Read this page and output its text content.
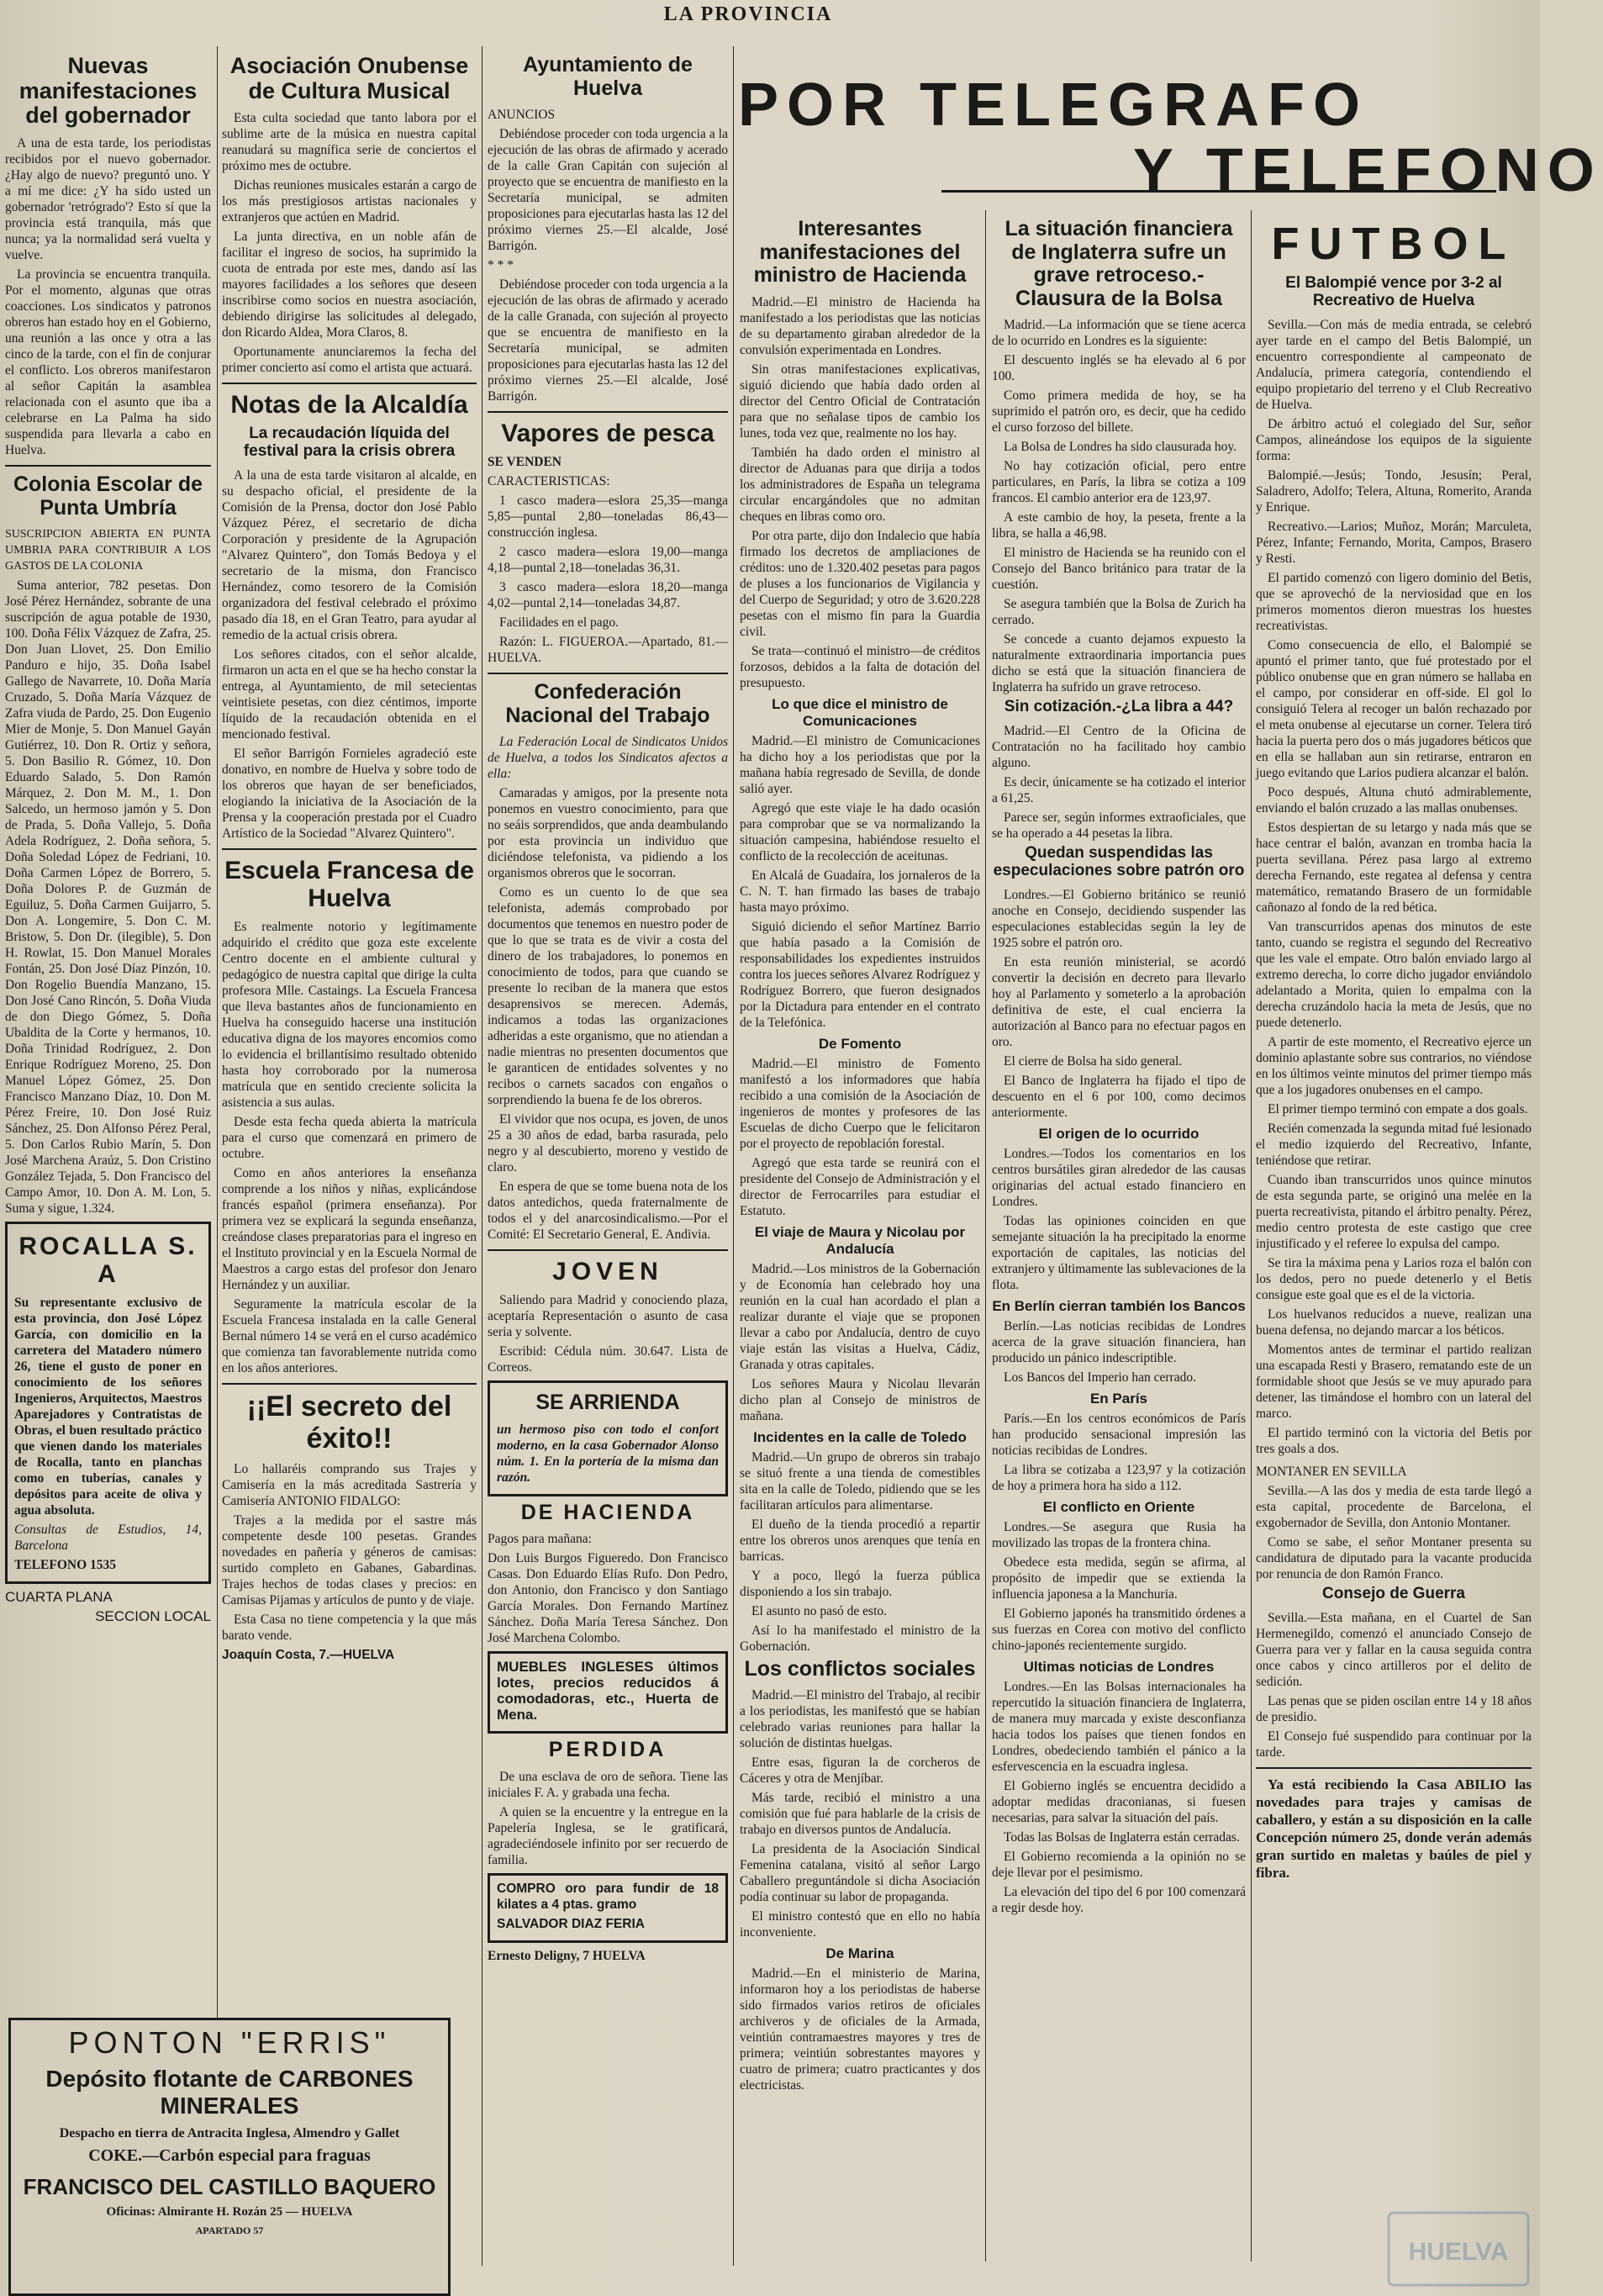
LA PROVINCIA
Nuevas manifestaciones del gobernador

A una de esta tarde, los periodistas recibidos por el nuevo gobernador. ¿Hay algo de nuevo? preguntó uno. Y a mí me dice: ¿Y ha sido usted un gobernador 'retrógrado'? Esto sí que la provincia está tranquila, más que nunca; ya la normalidad será vuelta y vuelve.

La provincia se encuentra tranquila. Por el momento, algunas que otras coacciones. Los sindicatos y patronos obreros han estado hoy en el Gobierno, una reunión a las once y otra a las cinco de la tarde, con el fin de conjurar el conflicto. Los obreros manifestaron al señor Capitán la asamblea relacionada con el asunto que iba a celebrarse en La Palma ha sido suspendida para llevarla a cabo en Huelva.

Colonia Escolar de Punta Umbría

SUSCRIPCION ABIERTA EN PUNTA UMBRIA PARA CONTRIBUIR A LOS GASTOS DE LA COLONIA

Suma anterior, 782 pesetas. Don José Pérez Hernández, sobrante de una suscripción de agua potable de 1930, 100. Doña Félix Vázquez de Zafra, 25. Don Juan Llovet, 25. Don Emilio Pandurо e hijo, 35. Doña Isabel Gallego de Navarrete, 10. Doña María Cruzado, 5. Doña María Vázquez de Zafra viuda de Pardo, 25. Don Eugenio Mier de Monje, 5. Don Manuel Gayán Gutiérrez, 10. Don R. Ortiz y señora, 5. Don Basilio R. Gómez, 10. Don Eduardo Salado, 5. Don Ramón Márquez, 2. Don M. M., 1. Don Salcedo, un hermoso jamón y 5. Don de Prada, 5. Doña Vallejo, 5. Doña Adela Rodríguez, 2. Doña señora, 5. Doña Soledad López de Fedriani, 10. Doña Carmen López de Borrero, 5. Doña Dolores P. de Guzmán de Eguiluz, 5. Doña Carmen Guijarro, 5. Don A. Longemire, 5. Don C. M. Bristow, 5. Don Dr. (ilegible), 5. Don H. Rowlat, 15. Don Manuel Morales Fontán, 25. Don José Díaz Pinzón, 10. Don Rogelio Buendía Manzano, 15. Don José Cano Rincón, 5. Doña Viuda de don Diego Gómez, 5. Doña Ubaldita de la Corte y hermanos, 10. Doña Trinidad Rodríguez, 2. Don Enrique Rodríguez Moreno, 25. Don Manuel López Gómez, 25. Don Francisco Manzano Díaz, 10. Don M. Pérez Freire, 10. Don José Ruiz Sánchez, 25. Don Alfonso Pérez Peral, 5. Don Carlos Rubio Marín, 5. Don José Marchena Araúz, 5. Don Cristino González Tejada, 5. Don Francisco del Campo Amor, 10. Don A. M. Lon, 5. Suma y sigue, 1.324.

ROCALLA S. A

Su representante exclusivo de esta provincia, don José López García, con domicilio en la carretera del Matadero número 26, tiene el gusto de poner en conocimiento de los señores Ingenieros, Arquitectos, Maestros Aparejadores y Contratistas de Obras, el buen resultado práctico que vienen dando los materiales de Rocalla, tanto en planchas como en tuberías, canales y depósitos para aceite de oliva y agua absoluta.

Consultas de Estudios, 14, Barcelona

TELEFONO 1535

CUARTA PLANA

SECCION LOCAL

Asociación Onubense de Cultura Musical

Esta culta sociedad que tanto labora por el sublime arte de la música en nuestra capital reanudará su magnífica serie de conciertos el próximo mes de octubre.

Dichas reuniones musicales estarán a cargo de los más prestigiosos artistas nacionales y extranjeros que actúen en Madrid.

La junta directiva, en un noble afán de facilitar el ingreso de socios, ha suprimido la cuota de entrada por este mes, dando así las mayores facilidades a los señores que deseen inscribirse como socios en nuestra asociación, debiendo dirigirse las solicitudes al delegado, don Ricardo Aldea, Mora Claros, 8.

Oportunamente anunciaremos la fecha del primer concierto así como el artista que actuará.

Notas de la Alcaldía
La recaudación líquida del festival para la crisis obrera

A la una de esta tarde visitaron al alcalde, en su despacho oficial, el presidente de la Comisión de la Prensa, doctor don José Pablo Vázquez Pérez, el secretario de dicha Corporación y presidente de la Agrupación "Alvarez Quintero", don Tomás Bedoya y el secretario de la misma, don Francisco Hernández, como tesorero de la Comisión organizadora del festival celebrado el próximo pasado día 18, en el Gran Teatro, para ayudar al remedio de la actual crisis obrera.

Los señores citados, con el señor alcalde, firmaron un acta en el que se ha hecho constar la entrega, al Ayuntamiento, de mil setecientas veintisiete pesetas, con diez céntimos, importe líquido de la recaudación obtenida en el mencionado festival.

El señor Barrigón Fornieles agradeció este donativo, en nombre de Huelva y sobre todo de los obreros que hayan de ser beneficiados, elogiando la iniciativa de la Asociación de la Prensa y la cooperación prestada por el Cuadro Artístico de la Sociedad "Alvarez Quintero".

Escuela Francesa de Huelva

Es realmente notorio y legítimamente adquirido el crédito que goza este excelente Centro docente en el ambiente cultural y pedagógico de nuestra capital que dirige la culta profesora Mlle. Castaings. La Escuela Francesa que lleva bastantes años de funcionamiento en Huelva ha conseguido hacerse una institución educativa digna de los mayores encomios como lo evidencia el brillantísimo resultado obtenido hasta hoy corroborado por la numerosa matrícula que en sentido creciente solicita la asistencia a sus aulas.

Desde esta fecha queda abierta la matrícula para el curso que comenzará en primero de octubre.

Como en años anteriores la enseñanza comprende a los niños y niñas, explicándose francés español (primera enseñanza). Por primera vez se explicará la segunda enseñanza, creándose clases preparatorias para el ingreso en el Instituto provincial y en la Escuela Normal de Maestros a cargo estas del profesor don Jenaro Hernández y un auxiliar.

Seguramente la matrícula escolar de la Escuela Francesa instalada en la calle General Bernal número 14 se verá en el curso académico que comienza tan favorablemente nutrida como en los años anteriores.

¡¡El secreto del éxito!!

Lo hallaréis comprando sus Trajes y Camisería en la más acreditada Sastrería y Camisería ANTONIO FIDALGO:

Trajes a la medida por el sastre más competente desde 100 pesetas. Grandes novedades en pañería y géneros de camisas: surtido completo en Gabanes, Gabardinas. Trajes hechos de todas clases y precios: en Camisas Pijamas y artículos de punto y de viaje.

Esta Casa no tiene competencia y la que más barato vende.

Joaquín Costa, 7.—HUELVA

PONTON "ERRIS"
Depósito flotante de CARBONES MINERALES
Despacho en tierra de Antracita Inglesa, Almendro y Gallet
COKE.—Carbón especial para fraguas
FRANCISCO DEL CASTILLO BAQUERO
Oficinas: Almirante H. Rozán 25 — HUELVA
APARTADO 57
Ayuntamiento de Huelva

ANUNCIOS

Debiéndose proceder con toda urgencia a la ejecución de las obras de afirmado y acerado de la calle Gran Capitán con sujeción al proyecto que se encuentra de manifiesto en la Secretaría municipal, se admiten proposiciones para ejecutarlas hasta las 12 del próximo viernes 25.—El alcalde, José Barrigón.

* * *

Debiéndose proceder con toda urgencia a la ejecución de las obras de afirmado y acerado de la calle Granada, con sujeción al proyecto que se encuentra de manifiesto en la Secretaría municipal, se admiten proposiciones para ejecutarlas hasta las 12 del próximo viernes 25.—El alcalde, José Barrigón.

Vapores de pesca

SE VENDEN

CARACTERISTICAS:

1 casco madera—eslora 25,35—manga 5,85—puntal 2,80—toneladas 86,43—construcción inglesa.

2 casco madera—eslora 19,00—manga 4,18—puntal 2,18—toneladas 36,31.

3 casco madera—eslora 18,20—manga 4,02—puntal 2,14—toneladas 34,87.

Facilidades en el pago.

Razón: L. FIGUEROA.—Apartado, 81.—HUELVA.

Confederación Nacional del Trabajo

La Federación Local de Sindicatos Unidos de Huelva, a todos los Sindicatos afectos a ella:

Camaradas y amigos, por la presente nota ponemos en vuestro conocimiento, para que no seáis sorprendidos, que anda deambulando por esta provincia un individuo que diciéndose telefonista, va pidiendo a los organismos obreros que le socorran.

Como es un cuento lo de que sea telefonista, además comprobado por documentos que tenemos en nuestro poder de que lo que se trata es de vivir a costa del dinero de los trabajadores, lo ponemos en conocimiento de todos, para que cuando se presente lo reciban de la manera que estos desaprensivos se merecen. Además, indicamos a todas las organizaciones adheridas a este organismo, que no atiendan a nadie mientras no presenten documentos que le garanticen de entidades solventes y no recibos o carnets sacados con engaños o sorprendiendo la buena fe de los obreros.

El vividor que nos ocupa, es joven, de unos 25 a 30 años de edad, barba rasurada, pelo negro y al descubierto, moreno y vestido de claro.

En espera de que se tome buena nota de los datos antedichos, queda fraternalmente de todos el y del anarcosindicalismo.—Por el Comité: El Secretario General, E. Andivia.

JOVEN

Saliendo para Madrid y conociendo plaza, aceptaría Representación o asunto de casa seria y solvente.

Escribid: Cédula núm. 30.647. Lista de Correos.

SE ARRIENDA

un hermoso piso con todo el confort moderno, en la casa Gobernador Alonso núm. 1. En la portería de la misma dan razón.

DE HACIENDA

Pagos para mañana:

Don Luis Burgos Figueredo. Don Francisco Casas. Don Eduardo Elías Rufo. Don Pedro, don Antonio, don Francisco y don Santiago García Morales. Don Fernando Martínez Sánchez. Doña María Teresa Sánchez. Don José Marchena Colombo.

MUEBLES INGLESES últimos lotes, precios reducidos á comodadoras, etc., Huerta de Mena.

PERDIDA

De una esclava de oro de señora. Tiene las iniciales F. A. y grabada una fecha.

A quien se la encuentre y la entregue en la Papelería Inglesa, se le gratificará, agradeciéndosele infinito por ser recuerdo de familia.

COMPRO oro para fundir de 18 kilates a 4 ptas. gramo

SALVADOR DIAZ FERIA

Ernesto Deligny, 7 HUELVA

POR TELEGRAFO
Y TELEFONO
Interesantes manifestaciones del ministro de Hacienda

Madrid.—El ministro de Hacienda ha manifestado a los periodistas que las noticias de su departamento giraban alrededor de la convulsión experimentada en Londres.

Sin otras manifestaciones explicativas, siguió diciendo que había dado orden al director del Centro Oficial de Contratación para que no señalase tipos de cambio los lunes, toda vez que, realmente no los hay.

También ha dado orden el ministro al director de Aduanas para que dirija a todos los administradores de España un telegrama circular encargándoles que no admitan cheques en libras como oro.

Por otra parte, dijo don Indalecio que había firmado los decretos de ampliaciones de créditos: uno de 1.320.402 pesetas para pagos de pluses a los funcionarios de Vigilancia y del Cuerpo de Seguridad; y otro de 3.620.228 pesetas con el mismo fin para la Guardia civil.

Se trata—continuó el ministro—de créditos forzosos, debidos a la falta de dotación del presupuesto.

Lo que dice el ministro de Comunicaciones

Madrid.—El ministro de Comunicaciones ha dicho hoy a los periodistas que por la mañana había regresado de Sevilla, de donde salió ayer.

Agregó que este viaje le ha dado ocasión para comprobar que se va normalizando la situación campesina, habiéndose resuelto el conflicto de la recolección de aceitunas.

En Alcalá de Guadaíra, los jornaleros de la C. N. T. han firmado las bases de trabajo hasta mayo próximo.

Siguió diciendo el señor Martínez Barrio que había pasado a la Comisión de responsabilidades los expedientes instruidos contra los jueces señores Alvarez Rodríguez y Rodríguez Borrero, que fueron designados por la Dictadura para entender en el contrato de la Telefónica.

De Fomento

Madrid.—El ministro de Fomento manifestó a los informadores que había recibido a una comisión de la Asociación de ingenieros de montes y profesores de las Escuelas de dicho Cuerpo que le felicitaron por el proyecto de repoblación forestal.

Agregó que esta tarde se reunirá con el presidente del Consejo de Administración y el director de Ferrocarriles para estudiar el Estatuto.

El viaje de Maura y Nicolau por Andalucía

Madrid.—Los ministros de la Gobernación y de Economía han celebrado hoy una reunión en la cual han acordado el plan a realizar durante el viaje que se proponen llevar a cabo por Andalucía, dentro de cuyo viaje están las visitas a Huelva, Cádiz, Granada y otras capitales.

Los señores Maura y Nicolau llevarán dicho plan al Consejo de ministros de mañana.

Incidentes en la calle de Toledo

Madrid.—Un grupo de obreros sin trabajo se situó frente a una tienda de comestibles sita en la calle de Toledo, pidiendo que se les facilitaran artículos para alimentarse.

El dueño de la tienda procedió a repartir entre los obreros unos arenques que tenía en barricas.

Y a poco, llegó la fuerza pública disponiendo a los sin trabajo.

El asunto no pasó de esto.

Así lo ha manifestado el ministro de la Gobernación.

Los conflictos sociales

Madrid.—El ministro del Trabajo, al recibir a los periodistas, les manifestó que se habían celebrado varias reuniones para hallar la solución de distintas huelgas.

Entre esas, figuran la de corcheros de Cáceres y otra de Menjíbar.

Más tarde, recibió el ministro a una comisión que fué para hablarle de la crisis de trabajo en diversos puntos de Andalucía.

La presidenta de la Asociación Sindical Femenina catalana, visitó al señor Largo Caballero preguntándole si dicha Asociación podía continuar su labor de propaganda.

El ministro contestó que en ello no había inconveniente.

De Marina

Madrid.—En el ministerio de Marina, informaron hoy a los periodistas de haberse sido firmados varios retiros de oficiales archiveros y de oficiales de la Armada, veintiún contramaestres mayores y tres de primera; veintiún sobrestantes mayores y cuatro de primera; cuatro practicantes y dos electricistas.

La situación financiera de Inglaterra sufre un grave retroceso.-Clausura de la Bolsa

Madrid.—La información que se tiene acerca de lo ocurrido en Londres es la siguiente:

El descuento inglés se ha elevado al 6 por 100.

Como primera medida de hoy, se ha suprimido el patrón oro, es decir, que ha cedido el curso forzoso del billete.

La Bolsa de Londres ha sido clausurada hoy.

No hay cotización oficial, pero entre particulares, en París, la libra se cotiza a 109 francos. El cambio anterior era de 123,97.

A este cambio de hoy, la peseta, frente a la libra, se halla a 46,98.

El ministro de Hacienda se ha reunido con el Consejo del Banco británico para tratar de la cuestión.

Se asegura también que la Bolsa de Zurich ha cerrado.

Se concede a cuanto dejamos expuesto la naturalmente extraordinaria importancia pues dicho se está que la situación financiera de Inglaterra ha sufrido un grave retroceso.

Sin cotización.-¿La libra a 44?

Madrid.—El Centro de la Oficina de Contratación no ha facilitado hoy cambio alguno.

Es decir, únicamente se ha cotizado el interior a 61,25.

Parece ser, según informes extraoficiales, que se ha operado a 44 pesetas la libra.

Quedan suspendidas las especulaciones sobre patrón oro

Londres.—El Gobierno británico se reunió anoche en Consejo, decidiendo suspender las especulaciones establecidas según la ley de 1925 sobre el patrón oro.

En esta reunión ministerial, se acordó convertir la decisión en decreto para llevarlo hoy al Parlamento y someterlo a la aprobación definitiva de este, el cual encierra la autorización al Banco para no efectuar pagos en oro.

El cierre de Bolsa ha sido general.

El Banco de Inglaterra ha fijado el tipo de descuento en el 6 por 100, como decimos anteriormente.

El origen de lo ocurrido

Londres.—Todos los comentarios en los centros bursátiles giran alrededor de las causas originarias del actual estado financiero en Londres.

Todas las opiniones coinciden en que semejante situación la ha precipitado la enorme exportación de capitales, las noticias del extranjero y últimamente las sublevaciones de la flota.

En Berlín cierran también los Bancos

Berlín.—Las noticias recibidas de Londres acerca de la grave situación financiera, han producido un pánico indescriptible.

Los Bancos del Imperio han cerrado.

En París

París.—En los centros económicos de París han producido sensacional impresión las noticias recibidas de Londres.

La libra se cotizaba a 123,97 y la cotización de hoy a primera hora ha sido a 112.

El conflicto en Oriente

Londres.—Se asegura que Rusia ha movilizado las tropas de la frontera china.

Obedece esta medida, según se afirma, al propósito de impedir que se extienda la influencia japonesa a la Manchuria.

El Gobierno japonés ha transmitido órdenes a sus fuerzas en Corea con motivo del conflicto chino-japonés recientemente surgido.

Ultimas noticias de Londres

Londres.—En las Bolsas internacionales ha repercutido la situación financiera de Inglaterra, de manera muy marcada y existe desconfianza hacia todos los países que tienen fondos en Londres, obedeciendo también el pánico a la esfervescencia en la escuadra inglesa.

El Gobierno inglés se encuentra decidido a adoptar medidas draconianas, si fuesen necesarias, para salvar la situación del país.

Todas las Bolsas de Inglaterra están cerradas.

El Gobierno recomienda a la opinión no se deje llevar por el pesimismo.

La elevación del tipo del 6 por 100 comenzará a regir desde hoy.

FUTBOL
El Balompié vence por 3-2 al Recreativo de Huelva

Sevilla.—Con más de media entrada, se celebró ayer tarde en el campo del Betis Balompié, un encuentro correspondiente al campeonato de Andalucía, primera categoría, contendiendo el equipo propietario del terreno y el Club Recreativo de Huelva.

De árbitro actuó el colegiado del Sur, señor Campos, alineándose los equipos de la siguiente forma:

Balompié.—Jesús; Tondo, Jesusín; Peral, Saladrero, Adolfo; Telera, Altuna, Romerito, Aranda y Enrique.

Recreativo.—Larios; Muñoz, Morán; Marculeta, Pérez, Infante; Fernando, Morita, Campos, Brasero y Resti.

El partido comenzó con ligero dominio del Betis, que se aprovechó de la nerviosidad que en los primeros momentos dieron muestras los huestes recreativistas.

Como consecuencia de ello, el Balompié se apuntó el primer tanto, que fué protestado por el público onubense que en gran número se hallaba en el campo, por considerar en off-side. El gol lo consiguió Telera al recoger un balón rechazado por el meta onubense al ejecutarse un corner. Telera tiró hacia la puerta pero dos o más jugadores béticos que en ella se hallaban aun sin retirarse, entraron en juego evitando que Larios pudiera alcanzar el balón.

Poco después, Altuna chutó admirablemente, enviando el balón cruzado a las mallas onubenses.

Estos despiertan de su letargo y nada más que se hace centrar el balón, avanzan en tromba hacia la puerta sevillana. Pérez pasa largo al extremo derecha Fernando, este regatea al defensa y centra matemático, rematando Brasero de un formidable cañonazo al fondo de la red bética.

Van transcurridos apenas dos minutos de este tanto, cuando se registra el segundo del Recreativo que les vale el empate. Otro balón enviado largo al extremo derecha, lo corre dicho jugador enviándolo adelantado a Morita, quien lo empalma con la derecha cruzándolo hacia la meta de Jesús, que no puede detenerlo.

A partir de este momento, el Recreativo ejerce un dominio aplastante sobre sus contrarios, no viéndose en los últimos veinte minutos del primer tiempo más que a los jugadores onubenses en el campo.

El primer tiempo terminó con empate a dos goals.

Recién comenzada la segunda mitad fué lesionado el medio izquierdo del Recreativo, Infante, teniéndose que retirar.

Cuando iban transcurridos unos quince minutos de esta segunda parte, se originó una melée en la puerta recreativista, pitando el árbitro penalty. Pérez, medio centro protesta de este castigo que cree injustificado y el referee lo expulsa del campo.

Se tira la máxima pena y Larios roza el balón con los dedos, pero no puede detenerlo y el Betis consigue este goal que es el de la victoria.

Los huelvanos reducidos a nueve, realizan una buena defensa, no dejando marcar a los béticos.

Momentos antes de terminar el partido realizan una escapada Resti y Brasero, rematando este de un formidable shoot que Jesús se ve muy apurado para detener, las timándose el hombro con un lateral del marco.

El partido terminó con la victoria del Betis por tres goals a dos.

MONTANER EN SEVILLA

Sevilla.—A las dos y media de esta tarde llegó a esta capital, procedente de Barcelona, el exgobernador de Sevilla, don Antonio Montaner.

Como se sabe, el señor Montaner presenta su candidatura de diputado para la vacante producida por renuncia de don Ramón Franco.

Consejo de Guerra

Sevilla.—Esta mañana, en el Cuartel de San Hermenegildo, comenzó el anunciado Consejo de Guerra para ver y fallar en la causa seguida contra once cabos y cinco artilleros por el delito de sedición.

Las penas que se piden oscilan entre 14 y 18 años de presidio.

El Consejo fué suspendido para continuar por la tarde.

Ya está recibiendo la Casa ABILIO las novedades para trajes y camisas de caballero, y están a su disposición en la calle Concepción número 25, donde verán además gran surtido en maletas y baúles de piel y fibra.

HUELVA
